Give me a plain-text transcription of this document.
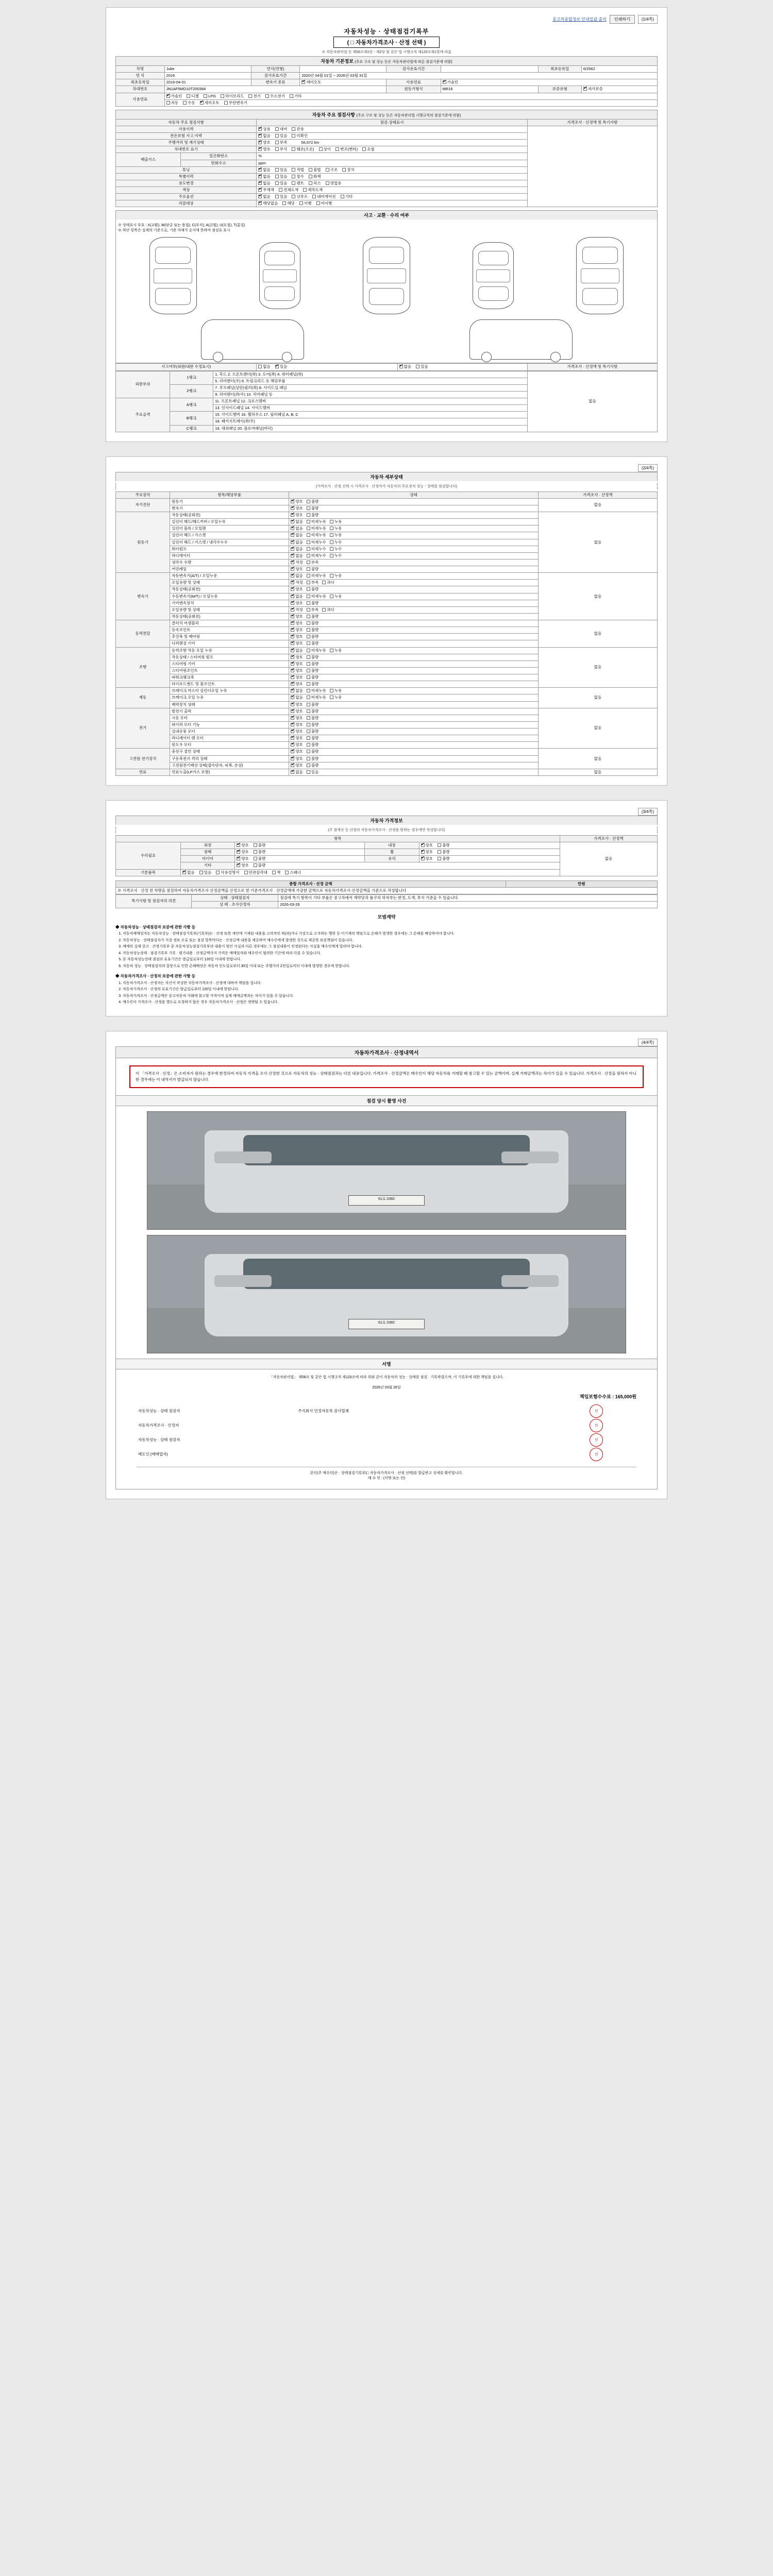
중고차종합정보 안내일괄 출처	인쇄하기	(1/4쪽)
자동차성능 · 상태점검기록부
( □ 자동차가격조사 · 산정 선택 )
※ 자동차관리법 등 제58조제1항ㆍ제2항 및 같은 법 시행규칙 제120조제1항에 따름
자동차 기본정보 (주요 구조 및 성능 등은 자동차관리법에 따른 점검기준에 의함)
차명	Juke	연식(연형)		검사유효기간		최초등록일	6/2562
연 식	2016	검사유효기간	2020년 04월 01일 ~ 2026년 03월 31일				
최초등록일	2016-04-01	변속기 종류	✔세미오토	사용연료	✔가솔린
차대번호	JN1AF5MD10T200384			원동기형식	MR16	보증유형	✔자가보증
사용연료	✔가솔린 디젤 LPG 하이브리드 전기 수소전기 기타
	자동 수동 ✔ 세미오토 무단변속기
자동차 주요 점검사항 (주요 구조 및 성능 등은 자동차관리법 시행규칙의 점검기준에 의함)
자동차 주요 점검사항		점검·상태표시	가격조사 · 산정액 및 특기사항
사용이력	✔상용 대여 관용	
전손보험 사고 이력	✔없음 있음 미확인
주행거리 및 계기상태	✔양호 부족 56,672 km
차대번호 표기	✔양호 부식 훼손(오손) 상이 변조(변타) 요철
배출가스	일산화탄소	%	
	탄화수소	ppm	
튜닝	✔없음 있음 적법 불법 구조 장치
특별이력	✔없음 있음 침수 화재
용도변경	✔없음 있음 렌트 리스 영업용
색상	✔무채색 전체도색 제작도색
주요옵션	✔없음 있음 선루프 내비게이션 기타
리콜대상	✔해당없음 해당 이행 미이행
사고 · 교환 · 수리 여부
※ 상태표시 부호 : X(교환), W(판금 또는 용접), C(부식), A(긁힘), U(요철), T(흠집)
※ 하단 항목은 실제의 기준으로, 기준 자체가 순서에 한하여 점검표 표시
사고여부(외판/내판 수정표시)	없음 ✔ 있음	✔없음 있음	가격조사 · 산정액 및 특기사항
외판부위	1랭크	1. 후드 2. 프론트펜더(좌) 3. 도어(좌) 4. 쿼터패널(좌)	없음
		5. 리어펜더(우) 6. 트렁크리드 등 해당부품	
	2랭크	7. 루프패널(상단)필러(좌) 8. 사이드실 패널	
		9. 리어펜더(좌/우) 10. 리어패널 등	
주요골격	A랭크	11. 프론트패널 12. 크로스멤버	
		13. 인사이드패널 14. 사이드멤버	
	B랭크	15. 사이드멤버 16. 휠하우스 17. 필러패널 A, B, C	
		18. 패키지트레이(좌/우)	
	C랭크	19. 대쉬패널 20. 플로어패널(바닥)	
(2/4쪽)
자동차 세부상태
(가격조사 · 산정 선택 시 가격조사 · 산정자가 자동차의 주요장치 성능ㆍ상태를 점검합니다)
주요장치	항목/해당부품	상태	가격조사 · 산정액
자기진단	원동기	✔양호 불량	없음
	변속기	✔양호 불량
원동기	작동상태(공회전)	✔양호 불량	없음
	실린더 헤드/헤드커버 / 오일누유	✔없음 미세누유 누유
	실린더 블록 / 오일팬	✔없음 미세누유 누유
	실린더 헤드 / 가스켓	✔없음 미세누유 누유
	실린더 헤드 / 가스켓 / 냉각수누수	✔없음 미세누수 누수
	워터펌프	✔없음 미세누수 누수
	라디에이터	✔없음 미세누수 누수
	냉각수 수량	✔적정 부족
	커먼레일	✔양호 불량
변속기	자동변속기(A/T) / 오일누유	✔없음 미세누유 누유	없음
	오일유량 및 상태	✔적정 부족 과다
	작동상태(공회전)	✔양호 불량
	수동변속기(M/T) / 오일누유	✔없음 미세누유 누유
	기어변속장치	✔양호 불량
	오일유량 및 상태	✔적정 부족 과다
	작동상태(공회전)	✔양호 불량
동력전달	클러치 어셈블리	✔양호 불량	없음
	등속조인트	✔양호 불량
	추진축 및 베어링	✔양호 불량
	디퍼렌셜 기어	✔양호 불량
조향	동력조향 작동 오일 누유	✔없음 미세누유 누유	없음
	작동상태 / 스티어링 펌프	✔양호 불량
	스티어링 기어	✔양호 불량
	스티어링조인트	✔양호 불량
	파워크랭크축	✔양호 불량
	타이로드엔드 및 볼조인트	✔양호 불량
제동	브레이크 마스터 실린더오일 누유	✔없음 미세누유 누유	없음
	브레이크 오일 누유	✔없음 미세누유 누유
	배력장치 상태	✔양호 불량
전기	발전기 출력	✔양호 불량	없음
	시동 모터	✔양호 불량
	와이퍼 모터 기능	✔양호 불량
	실내송풍 모터	✔양호 불량
	라디에이터 팬 모터	✔양호 불량
	윈도우 모터	✔양호 불량
고전원 전기장치	충전구 절연 상태	✔양호 불량	없음
	구동축전지 격리 상태	✔양호 불량
	고전원전기배선 상태(접속단자, 피복, 손상)	✔양호 불량
연료	연료누출(LP가스 포함)	✔없음 있음	없음
(3/4쪽)
자동차 가격정보
(주 참계산 등 산정의 자동차가격조사 · 산정을 원하는 경우에만 작성합니다)
항목					가격조사 · 산정액
수리필요	외장	✔양호 불량	내장	✔양호 불량	없음
	광택	✔양호 불량	휠	✔양호 불량
	타이어	✔양호 불량	유리	✔양호 불량
	기타	✔양호 불량
기본품목	✔없음 있음 사용설명서 안전삼각대 잭 스패너
종합 가격조사 · 산정 금액	만원
※ 가격조사 · 산정 전 차량을 점검하여 자동차가격조사·산정금액을 산정으로 한 기준가격조사 · 산정금액에 가감한 금액으로 자동차가격조사·산정금액을 기준으로 작성합니다
특기사항 및 점검자의 의견	상태 · 상태점검자	점검에 특기 항목이 기타 부품은 중고차에서 계약당과 품구의 하자부는 한정, 도색, 부식 기준을 수 있습니다.
	상 태 · 조사산정자	2026-03-26
모범계약
◆ 자동차성능 · 상태점검자 보증에 관한 사항 등
1. 자동차매매업자는 자동차성능 · 상태점검기록부(기록부)는 · 산정 또한 개인에 기재된 내용을 고의적인 하(과)거나 거짓으로 고지하는 행위 등 이기재의 책임으로 손해가 발생한 경우에는 그 손해를 배상하여야 합니다.
2. 자동차성능 · 상태점검자가 거짓 정보 오류 또는 점검 항목마다는 · 산정금액 내용을 제공하여 매수인에게 발생한 것으로 제공한 보증책임이 있습니다.
3. 매매의 실제 중고 · 산정기록부 중 자동차성능점검기록부의 내용이 원인 사실과 다른 경우에는 그 점검내용이 인정된다는 사실을 매수인에게 알려야 합니다.
4. 자동차성능상태 · 점검기록부 기록 · 평가내용 · 산정금액가지 가격은 매매업자와 매수인이 협의한 기간에 따라 다를 수 있습니다.
5. 본 자동차성능상태 점검의 유효기간은 발급일로부터 120일 이내에 한합니다.
6. 자동차 성능 · 상태점검자의 잘못으로 인한 손해배상은 자동차 인도일로부터 30일 이내 또는 주행거리 2천킬로미터 이내에 발생한 경우에 한합니다.
◆ 자동차가격조사 · 산정자 보증에 관한 사항 등
1. 자동차가격조사 · 산정자는 자신이 작성한 자동차가격조사 · 산정에 대하여 책임을 집니다.
2. 자동차가격조사 · 산정의 유효기간은 발급일로부터 120일 이내에 한합니다.
3. 자동차가격조사 · 산정금액은 중고자동차 거래에 참고할 가격이며 실제 매매금액과는 차이가 있을 수 있습니다.
4. 매수인이 가격조사 · 산정을 별도로 요청하지 않은 경우 자동차가격조사 · 산정은 생략될 수 있습니다.
(4/4쪽)
자동차가격조사 · 산정내역서
이 「가격조사 · 산정」은 소비자가 원하는 경우에 한정하여 자동차 가격을 조사·산정한 것으로 자동차의 성능 · 상태점검과는 다른 내용입니다. 가격조사 · 산정금액은 매수인이 해당 자동차를 거래할 때 참고할 수 있는 금액이며, 실제 거래금액과는 차이가 있을 수 있습니다. 가격조사 · 산정을 원하지 아니한 경우에는 이 내역서가 발급되지 않습니다.
점검 당시 촬영 사진
61로 0382
61로 0382
서명
「자동차관리법」 제58조 및 같은 법 시행규칙 제120조에 따라 위와 같이 자동차의 성능 · 상태를 점검 · 기록하였으며, 이 기록부에 대한 책임을 집니다.
2026년 03월 26일
책임보험수수료 : 165,000원
자동차성능 · 상태 점검자	주식회사 민정자동차 검사업체	인
자동차가격조사 · 산정자		인
자동차성능 · 상태 점검자		인
매도인 (매매업자)		인
본인(주 매수인)은 · 상태점검기록부(□ 자동차가격조사 · 산정 선택)를 발급받고 상세를 확인합니다.
매 수 인 : (서명 또는 인)
